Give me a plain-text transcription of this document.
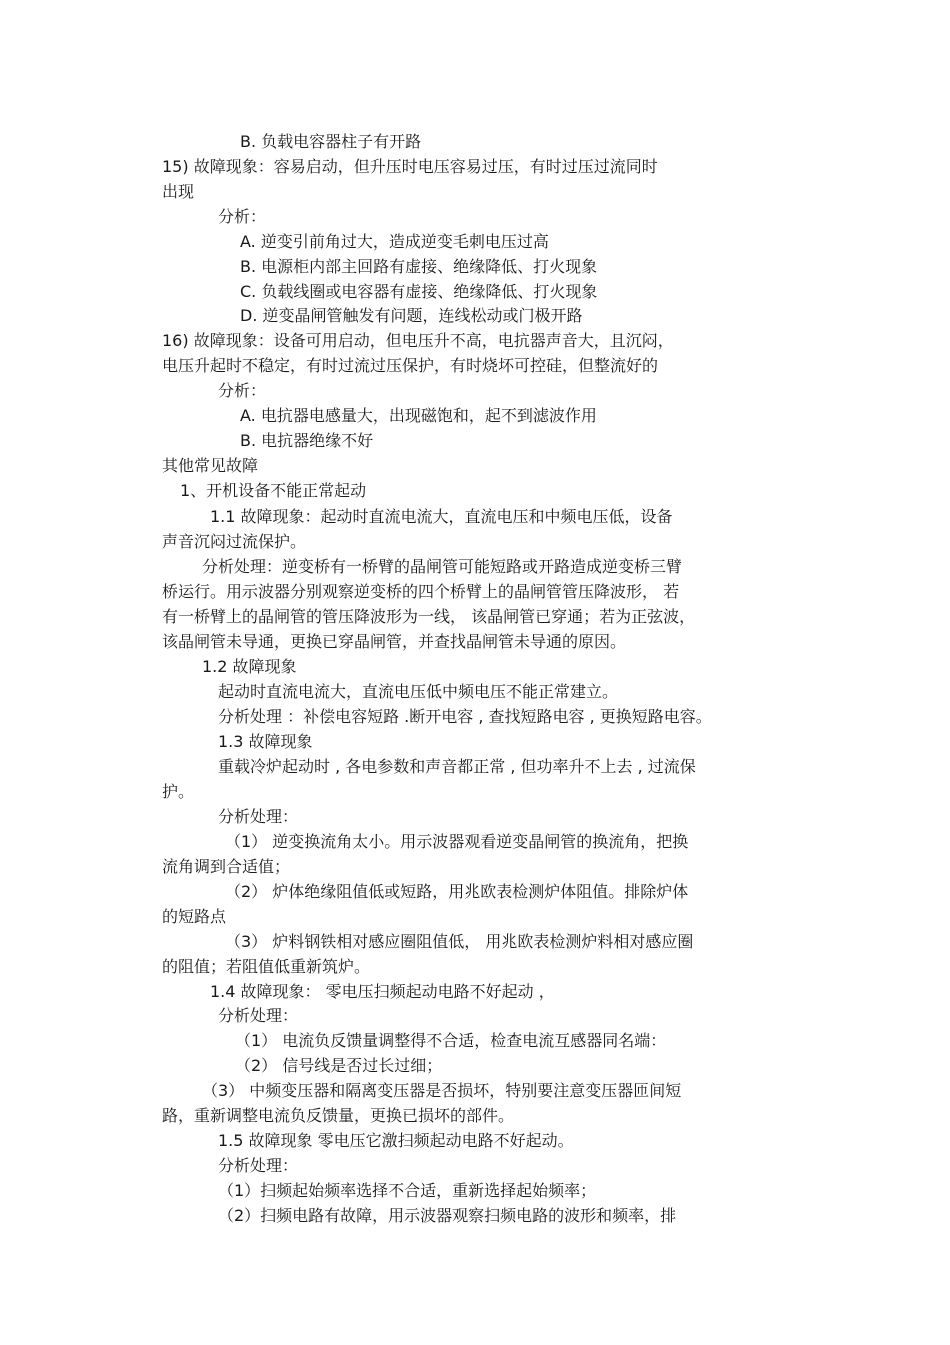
B. 负载电容器柱子有开路
15) 故障现象：容易启动，但升压时电压容易过压，有时过压过流同时
出现
分析：
A. 逆变引前角过大，造成逆变毛刺电压过高
B. 电源柜内部主回路有虚接、绝缘降低、打火现象
C. 负载线圈或电容器有虚接、绝缘降低、打火现象
D. 逆变晶闸管触发有问题，连线松动或门极开路
16) 故障现象：设备可用启动，但电压升不高，电抗器声音大，且沉闷，
电压升起时不稳定，有时过流过压保护，有时烧坏可控硅，但整流好的
分析：
A. 电抗器电感量大，出现磁饱和，起不到滤波作用
B. 电抗器绝缘不好
其他常见故障
1、开机设备不能正常起动
1.1 故障现象：起动时直流电流大，直流电压和中频电压低，设备
声音沉闷过流保护。
分析处理：逆变桥有一桥臂的晶闸管可能短路或开路造成逆变桥三臂
桥运行。用示波器分别观察逆变桥的四个桥臂上的晶闸管管压降波形， 若
有一桥臂上的晶闸管的管压降波形为一线， 该晶闸管已穿通；若为正弦波，
该晶闸管未导通，更换已穿晶闸管，并查找晶闸管未导通的原因。
1.2 故障现象
起动时直流电流大，直流电压低中频电压不能正常建立。
分析处理 ：补偿电容短路 .断开电容 , 查找短路电容 , 更换短路电容。
1.3 故障现象
重载冷炉起动时 , 各电参数和声音都正常 , 但功率升不上去 , 过流保
护。
分析处理：
（1） 逆变换流角太小。用示波器观看逆变晶闸管的换流角，把换
流角调到合适值；
（2） 炉体绝缘阻值低或短路，用兆欧表检测炉体阻值。排除炉体
的短路点
（3） 炉料钢铁相对感应圈阻值低， 用兆欧表检测炉料相对感应圈
的阻值；若阻值低重新筑炉。
1.4 故障现象： 零电压扫频起动电路不好起动 ，
分析处理：
（1） 电流负反馈量调整得不合适，检查电流互感器同名端：
（2） 信号线是否过长过细；
（3） 中频变压器和隔离变压器是否损坏，特别要注意变压器匝间短
路，重新调整电流负反馈量，更换已损坏的部件。
1.5 故障现象 零电压它激扫频起动电路不好起动。
分析处理：
（1）扫频起始频率选择不合适，重新选择起始频率；
（2）扫频电路有故障，用示波器观察扫频电路的波形和频率，排
